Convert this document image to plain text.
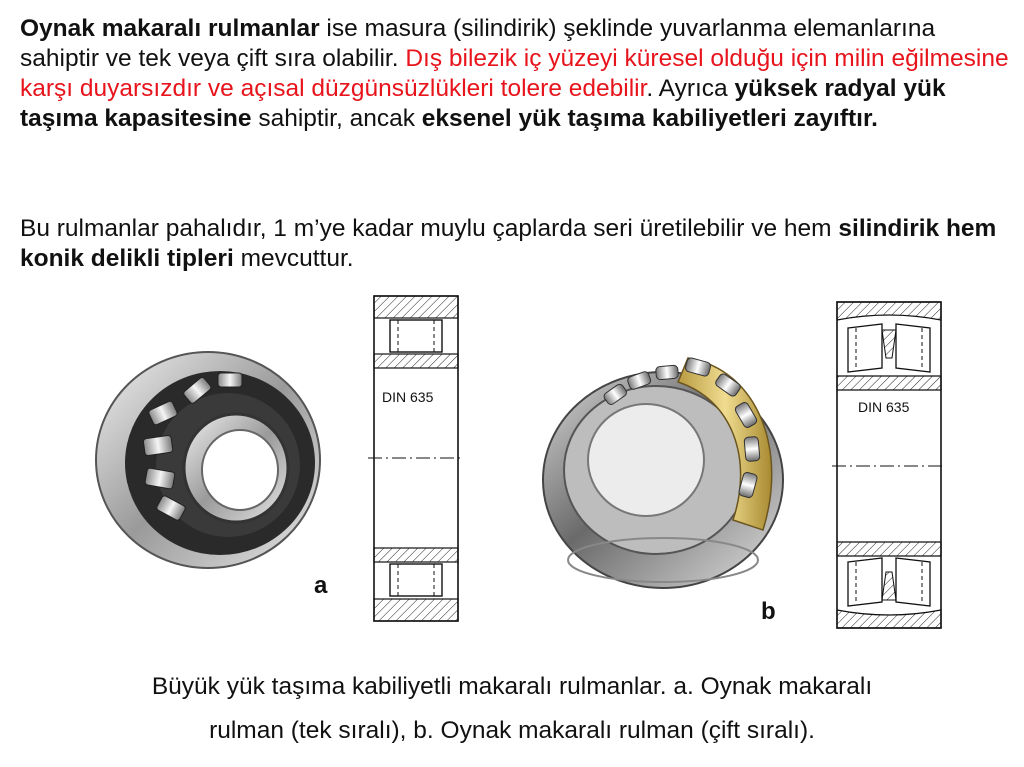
Oynak makaralı rulmanlar ise masura (silindirik) şeklinde yuvarlanma elemanlarına sahiptir ve tek veya çift sıra olabilir. Dış bilezik iç yüzeyi küresel olduğu için milin eğilmesine karşı duyarsızdır ve açısal düzgünsüzlükleri tolere edebilir. Ayrıca yüksek radyal yük taşıma kapasitesine sahiptir, ancak eksenel yük taşıma kabiliyetleri zayıftır.
Bu rulmanlar pahalıdır, 1 m’ye kadar muylu çaplarda seri üretilebilir ve hem silindirik hem konik delikli tipleri mevcuttur.
DIN 635
a
DIN 635
b
Büyük yük taşıma kabiliyetli makaralı rulmanlar. a. Oynak makaralı
rulman (tek sıralı), b. Oynak makaralı rulman (çift sıralı).
